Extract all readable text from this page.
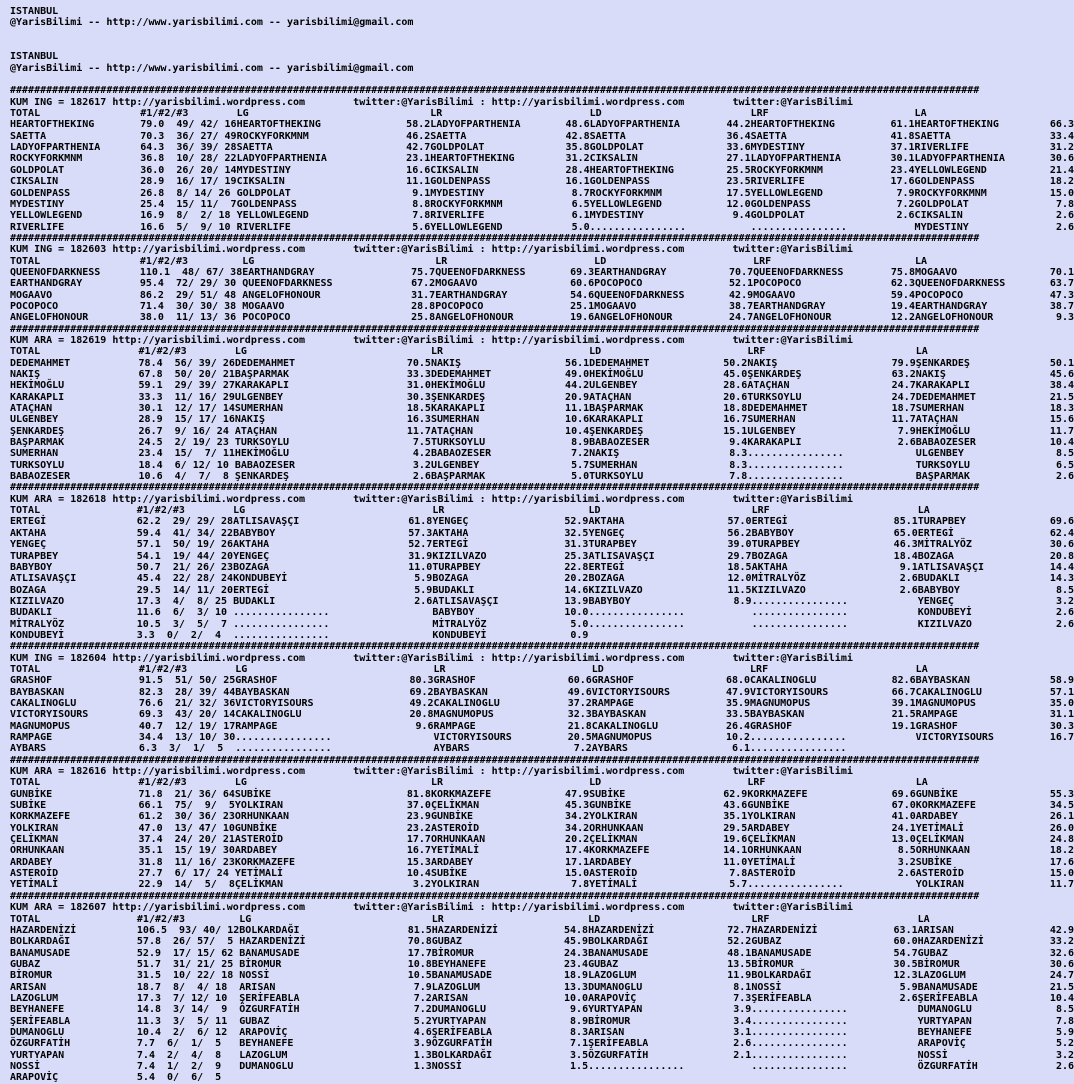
ISTANBUL
@YarisBilimi -- http://www.yarisbilimi.com -- yarisbilimi@gmail.com
ISTANBUL
@YarisBilimi -- http://www.yarisbilimi.com -- yarisbilimi@gmail.com
#################################################################################################################################################################
KUM ING = 182617 http://yarisbilimi.wordpress.com        twitter:@YarisBilimi : http://yarisbilimi.wordpress.com        twitter:@YarisBilimi
TOTAL	#1/#2/#3	LG		LR		LD		LRF		LA	
HEARTOFTHEKING	79.0  49/ 42/ 16	HEARTOFTHEKING	58.2	LADYOFPARTHENIA	48.6	LADYOFPARTHENIA	44.2	HEARTOFTHEKING	61.1	HEARTOFTHEKING	66.3
SAETTA	70.3  36/ 27/ 49	ROCKYFORKMNM	46.2	SAETTA	42.8	SAETTA	36.4	SAETTA	41.8	SAETTA	33.4
LADYOFPARTHENIA	64.3  36/ 39/ 28	SAETTA	42.7	GOLDPOLAT	35.8	GOLDPOLAT	33.6	MYDESTINY	37.1	RIVERLIFE	31.2
ROCKYFORKMNM	36.8  10/ 28/ 22	LADYOFPARTHENIA	23.1	HEARTOFTHEKING	31.2	CIKSALIN	27.1	LADYOFPARTHENIA	30.1	LADYOFPARTHENIA	30.6
GOLDPOLAT	36.0  26/ 20/ 14	MYDESTINY	16.6	CIKSALIN	28.4	HEARTOFTHEKING	25.5	ROCKYFORKMNM	23.4	YELLOWLEGEND	21.4
CIKSALIN	28.9  16/ 17/ 19	CIKSALIN	11.1	GOLDENPASS	16.1	GOLDENPASS	23.5	RIVERLIFE	17.6	GOLDENPASS	18.2
GOLDENPASS	26.8  8/ 14/ 26	GOLDPOLAT	9.1	MYDESTINY	8.7	ROCKYFORKMNM	17.5	YELLOWLEGEND	7.9	ROCKYFORKMNM	15.0
MYDESTINY	25.4  15/ 11/  7	GOLDENPASS	8.8	ROCKYFORKMNM	6.5	YELLOWLEGEND	12.0	GOLDENPASS	7.2	GOLDPOLAT	7.8
YELLOWLEGEND	16.9  8/  2/ 18	YELLOWLEGEND	7.8	RIVERLIFE	6.1	MYDESTINY	9.4	GOLDPOLAT	2.6	CIKSALIN	2.6
RIVERLIFE	16.6  5/  9/ 10	RIVERLIFE	5.6	YELLOWLEGEND	5.0	................		................		MYDESTINY	2.6
#################################################################################################################################################################
KUM ING = 182603 http://yarisbilimi.wordpress.com        twitter:@YarisBilimi : http://yarisbilimi.wordpress.com        twitter:@YarisBilimi
TOTAL	#1/#2/#3	LG		LR		LD		LRF		LA	
QUEENOFDARKNESS	110.1  48/ 67/ 38	EARTHANDGRAY	75.7	QUEENOFDARKNESS	69.3	EARTHANDGRAY	70.7	QUEENOFDARKNESS	75.8	MOGAAVO	70.1
EARTHANDGRAY	95.4  72/ 29/ 30	QUEENOFDARKNESS	67.2	MOGAAVO	60.6	POCOPOCO	52.1	POCOPOCO	62.3	QUEENOFDARKNESS	63.7
MOGAAVO	86.2  29/ 51/ 48	ANGELOFHONOUR	31.7	EARTHANDGRAY	54.6	QUEENOFDARKNESS	42.9	MOGAAVO	59.4	POCOPOCO	47.3
POCOPOCO	71.4  30/ 30/ 38	MOGAAVO	28.8	POCOPOCO	25.1	MOGAAVO	38.7	EARTHANDGRAY	19.4	EARTHANDGRAY	38.7
ANGELOFHONOUR	38.0  11/ 13/ 36	POCOPOCO	25.8	ANGELOFHONOUR	19.6	ANGELOFHONOUR	24.7	ANGELOFHONOUR	12.2	ANGELOFHONOUR	9.3
#################################################################################################################################################################
KUM ARA = 182619 http://yarisbilimi.wordpress.com        twitter:@YarisBilimi : http://yarisbilimi.wordpress.com        twitter:@YarisBilimi
TOTAL	#1/#2/#3	LG		LR		LD		LRF		LA	
DEDEMAHMET	78.4  56/ 39/ 26	DEDEMAHMET	70.5	NAKIŞ	56.1	DEDEMAHMET	50.2	NAKIŞ	79.9	ŞENKARDEŞ	50.1
NAKIŞ	67.8  50/ 20/ 21	BAŞPARMAK	33.3	DEDEMAHMET	49.0	HEKİMOĞLU	45.0	ŞENKARDEŞ	63.2	NAKIŞ	45.6
HEKİMOĞLU	59.1  29/ 39/ 27	KARAKAPLI	31.0	HEKİMOĞLU	44.2	ULGENBEY	28.6	ATAÇHAN	24.7	KARAKAPLI	38.4
KARAKAPLI	33.3  11/ 16/ 29	ULGENBEY	30.3	ŞENKARDEŞ	20.9	ATAÇHAN	20.6	TURKSOYLU	24.7	DEDEMAHMET	21.5
ATAÇHAN	30.1  12/ 17/ 14	SUMERHAN	18.5	KARAKAPLI	11.1	BAŞPARMAK	18.8	DEDEMAHMET	18.7	SUMERHAN	18.3
ULGENBEY	28.9  15/ 17/ 16	NAKIŞ	16.3	SUMERHAN	10.6	KARAKAPLI	16.7	SUMERHAN	11.7	ATAÇHAN	15.6
ŞENKARDEŞ	26.7  9/ 16/ 24	ATAÇHAN	11.7	ATAÇHAN	10.4	ŞENKARDEŞ	15.1	ULGENBEY	7.9	HEKİMOĞLU	11.7
BAŞPARMAK	24.5  2/ 19/ 23	TURKSOYLU	7.5	TURKSOYLU	8.9	BABAOZESER	9.4	KARAKAPLI	2.6	BABAOZESER	10.4
SUMERHAN	23.4  15/  7/ 11	HEKİMOĞLU	4.2	BABAOZESER	7.2	NAKIŞ	8.3	................		ULGENBEY	8.5
TURKSOYLU	18.4  6/ 12/ 10	BABAOZESER	3.2	ULGENBEY	5.7	SUMERHAN	8.3	................		TURKSOYLU	6.5
BABAOZESER	10.6  4/  7/  8	ŞENKARDEŞ	2.6	BAŞPARMAK	5.0	TURKSOYLU	7.8	................		BAŞPARMAK	2.6
#################################################################################################################################################################
KUM ARA = 182618 http://yarisbilimi.wordpress.com        twitter:@YarisBilimi : http://yarisbilimi.wordpress.com        twitter:@YarisBilimi
TOTAL	#1/#2/#3	LG		LR		LD		LRF		LA	
ERTEGİ	62.2  29/ 29/ 28	ATLISAVAŞÇI	61.8	YENGEÇ	52.9	AKTAHA	57.0	ERTEGİ	85.1	TURAPBEY	69.6
AKTAHA	59.4  41/ 34/ 22	BABYBOY	57.3	AKTAHA	32.5	YENGEÇ	56.2	BABYBOY	65.0	ERTEGİ	62.4
YENGEÇ	57.1  50/ 19/ 26	AKTAHA	52.7	ERTEGİ	31.3	TURAPBEY	39.0	TURAPBEY	46.3	MİTRALYÖZ	30.6
TURAPBEY	54.1  19/ 44/ 20	YENGEÇ	31.9	KIZILVAZO	25.3	ATLISAVAŞÇI	29.7	BOZAGA	18.4	BOZAGA	20.8
BABYBOY	50.7  21/ 26/ 23	BOZAGA	11.0	TURAPBEY	22.8	ERTEGİ	18.5	AKTAHA	9.1	ATLISAVAŞÇI	14.4
ATLISAVAŞÇI	45.4  22/ 28/ 24	KONDUBEYİ	5.9	BOZAGA	20.2	BOZAGA	12.0	MİTRALYÖZ	2.6	BUDAKLI	14.3
BOZAGA	29.5  14/ 11/ 20	ERTEGİ	5.9	BUDAKLI	14.6	KIZILVAZO	11.5	KIZILVAZO	2.6	BABYBOY	8.5
KIZILVAZO	17.3  4/  8/ 25	BUDAKLI	2.6	ATLISAVAŞÇI	13.9	BABYBOY	8.9	................		YENGEÇ	3.2
BUDAKLI	11.6  6/  3/ 10	................		BABYBOY	10.0	................		................		KONDUBEYİ	2.6
MİTRALYÖZ	10.5  3/  5/  7	................		MİTRALYÖZ	5.0	................		................		KIZILVAZO	2.6
KONDUBEYİ	3.3  0/  2/  4	................		KONDUBEYİ	0.9						
#################################################################################################################################################################
KUM ING = 182604 http://yarisbilimi.wordpress.com        twitter:@YarisBilimi : http://yarisbilimi.wordpress.com        twitter:@YarisBilimi
TOTAL	#1/#2/#3	LG		LR		LD		LRF		LA	
GRASHOF	91.5  51/ 50/ 25	GRASHOF	80.3	GRASHOF	60.6	GRASHOF	68.0	CAKALINOGLU	82.6	BAYBASKAN	58.9
BAYBASKAN	82.3  28/ 39/ 44	BAYBASKAN	69.2	BAYBASKAN	49.6	VICTORYISOURS	47.9	VICTORYISOURS	66.7	CAKALINOGLU	57.1
CAKALINOGLU	76.6  21/ 32/ 36	VICTORYISOURS	49.2	CAKALINOGLU	37.2	RAMPAGE	35.9	MAGNUMOPUS	39.1	MAGNUMOPUS	35.0
VICTORYISOURS	69.3  43/ 20/ 14	CAKALINOGLU	20.8	MAGNUMOPUS	32.3	BAYBASKAN	33.5	BAYBASKAN	21.5	RAMPAGE	31.1
MAGNUMOPUS	40.7  12/ 19/ 17	RAMPAGE	9.6	RAMPAGE	21.8	CAKALINOGLU	26.4	GRASHOF	19.1	GRASHOF	30.3
RAMPAGE	34.4  13/ 10/ 30	................		VICTORYISOURS	20.5	MAGNUMOPUS	10.2	................		VICTORYISOURS	16.7
AYBARS	6.3  3/  1/  5	................		AYBARS	7.2	AYBARS	6.1	................			
#################################################################################################################################################################
KUM ARA = 182616 http://yarisbilimi.wordpress.com        twitter:@YarisBilimi : http://yarisbilimi.wordpress.com        twitter:@YarisBilimi
TOTAL	#1/#2/#3	LG		LR		LD		LRF		LA	
GUNBİKE	71.8  21/ 36/ 64	SUBİKE	81.8	KORKMAZEFE	47.9	SUBİKE	62.9	KORKMAZEFE	69.6	GUNBİKE	55.3
SUBİKE	66.1  75/  9/  5	YOLKIRAN	37.0	ÇELİKMAN	45.3	GUNBİKE	43.6	GUNBİKE	67.0	KORKMAZEFE	34.5
KORKMAZEFE	61.2  30/ 36/ 23	ORHUNKAAN	23.9	GUNBİKE	34.2	YOLKIRAN	35.1	YOLKIRAN	41.0	ARDABEY	26.1
YOLKIRAN	47.0  13/ 47/ 10	GUNBİKE	23.2	ASTEROİD	34.2	ORHUNKAAN	29.5	ARDABEY	24.1	YETİMALİ	26.0
ÇELİKMAN	37.4  24/ 20/ 21	ASTEROİD	17.7	ORHUNKAAN	20.2	ÇELİKMAN	19.6	ÇELİKMAN	13.0	ÇELİKMAN	24.8
ORHUNKAAN	35.1  15/ 19/ 30	ARDABEY	16.7	YETİMALİ	17.4	KORKMAZEFE	14.1	ORHUNKAAN	8.5	ORHUNKAAN	18.2
ARDABEY	31.8  11/ 16/ 23	KORKMAZEFE	15.3	ARDABEY	17.1	ARDABEY	11.0	YETİMALİ	3.2	SUBİKE	17.6
ASTEROİD	27.7  6/ 17/ 24	YETİMALİ	10.4	SUBİKE	15.0	ASTEROİD	7.8	ASTEROİD	2.6	ASTEROİD	15.0
YETİMALİ	22.9  14/  5/  8	ÇELİKMAN	3.2	YOLKIRAN	7.8	YETİMALİ	5.7	................		YOLKIRAN	11.7
#################################################################################################################################################################
KUM ARA = 182607 http://yarisbilimi.wordpress.com        twitter:@YarisBilimi : http://yarisbilimi.wordpress.com        twitter:@YarisBilimi
TOTAL	#1/#2/#3	LG		LR		LD		LRF		LA	
HAZARDENİZİ	106.5  93/ 40/ 12	BOLKARDAĞI	81.5	HAZARDENİZİ	54.8	HAZARDENİZİ	72.7	HAZARDENİZİ	63.1	ARISAN	42.9
BOLKARDAĞI	57.8  26/ 57/  5	HAZARDENİZİ	70.8	GUBAZ	45.9	BOLKARDAĞI	52.2	GUBAZ	60.0	HAZARDENİZİ	33.2
BANAMUSADE	52.9  17/ 15/ 62	BANAMUSADE	17.7	BİROMUR	24.3	BANAMUSADE	48.1	BANAMUSADE	54.7	GUBAZ	32.6
GUBAZ	51.7  31/ 21/ 25	BİROMUR	10.8	BEYHANEFE	23.4	GUBAZ	13.5	BİROMUR	30.5	BİROMUR	30.6
BİROMUR	31.5  10/ 22/ 18	NOSSİ	10.5	BANAMUSADE	18.9	LAZOGLUM	11.9	BOLKARDAĞI	12.3	LAZOGLUM	24.7
ARISAN	18.7  8/  4/ 18	ARISAN	7.9	LAZOGLUM	13.3	DUMANOGLU	8.1	NOSSİ	5.9	BANAMUSADE	21.5
LAZOGLUM	17.3  7/ 12/ 10	ŞERİFEABLA	7.2	ARISAN	10.0	ARAPOVİÇ	7.3	ŞERİFEABLA	2.6	ŞERİFEABLA	10.4
BEYHANEFE	14.8  3/ 14/  9	ÖZGURFATİH	7.2	DUMANOGLU	9.6	YURTYAPAN	3.9	................		DUMANOGLU	8.5
ŞERİFEABLA	11.3  3/  5/ 11	GUBAZ	5.2	YURTYAPAN	8.9	BİROMUR	3.4	................		YURTYAPAN	7.8
DUMANOGLU	10.4  2/  6/ 12	ARAPOVİÇ	4.6	ŞERİFEABLA	8.3	ARISAN	3.1	................		BEYHANEFE	5.9
ÖZGURFATİH	7.7  6/  1/  5	BEYHANEFE	3.9	ÖZGURFATİH	7.1	ŞERİFEABLA	2.6	................		ARAPOVİÇ	5.2
YURTYAPAN	7.4  2/  4/  8	LAZOGLUM	1.3	BOLKARDAĞI	3.5	ÖZGURFATİH	2.1	................		NOSSİ	3.2
NOSSİ	7.4  1/  2/  9	DUMANOGLU	1.3	NOSSİ	1.5	................		................		ÖZGURFATİH	2.6
ARAPOVİÇ	5.4  0/  6/  5										
